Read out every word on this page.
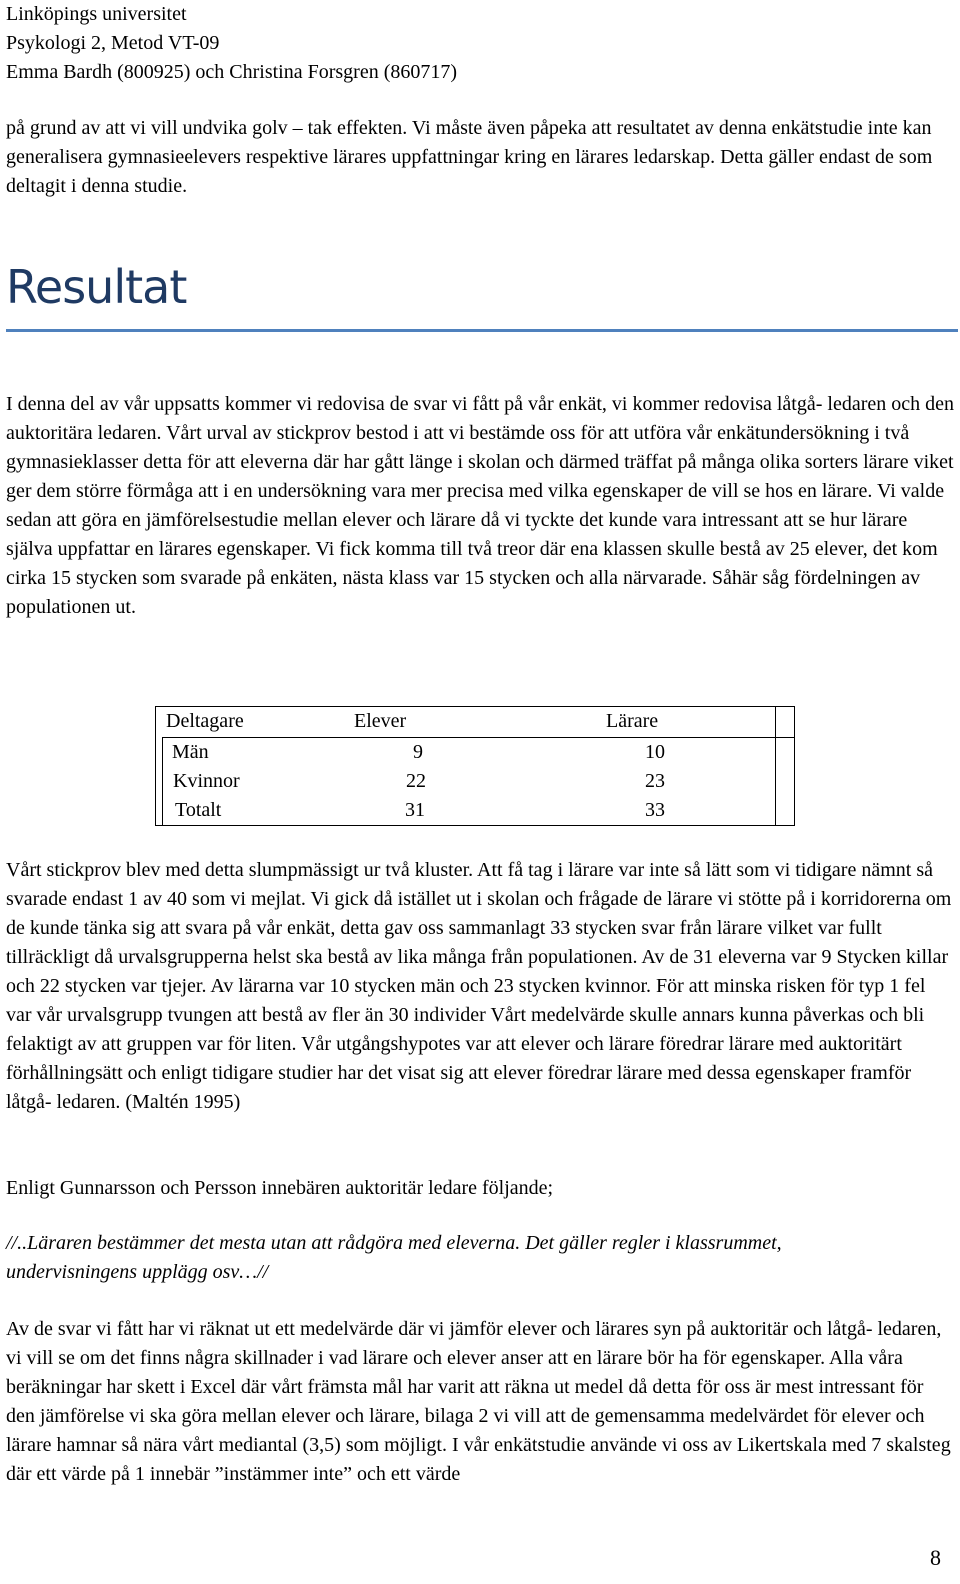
Linköpings universitet
Psykologi 2, Metod VT-09
Emma Bardh (800925) och Christina Forsgren (860717)

på grund av att vi vill undvika golv – tak effekten. Vi måste även påpeka att resultatet av denna enkätstudie inte kan generalisera gymnasieelevers respektive lärares uppfattningar kring en lärares ledarskap. Detta gäller endast de som deltagit i denna studie.

Resultat

I denna del av vår uppsatts kommer vi redovisa de svar vi fått på vår enkät, vi kommer redovisa låtgå- ledaren och den auktoritära ledaren. Vårt urval av stickprov bestod i att vi bestämde oss för att utföra vår enkätundersökning i två gymnasieklasser detta för att eleverna där har gått länge i skolan och därmed träffat på många olika sorters lärare viket ger dem större förmåga att i en undersökning vara mer precisa med vilka egenskaper de vill se hos en lärare. Vi valde sedan att göra en jämförelsestudie mellan elever och lärare då vi tyckte det kunde vara intressant att se hur lärare själva uppfattar en lärares egenskaper. Vi fick komma till två treor där ena klassen skulle bestå av 25 elever, det kom cirka 15 stycken som svarade på enkäten, nästa klass var 15 stycken och alla närvarade. Såhär såg fördelningen av populationen ut.

Deltagare	Elever	Lärare
Män	9	10
Kvinnor	22	23
Totalt	31	33

Vårt stickprov blev med detta slumpmässigt ur två kluster. Att få tag i lärare var inte så lätt som vi tidigare nämnt så svarade endast 1 av 40 som vi mejlat. Vi gick då istället ut i skolan och frågade de lärare vi stötte på i korridorerna om de kunde tänka sig att svara på vår enkät, detta gav oss sammanlagt 33 stycken svar från lärare vilket var fullt tillräckligt då urvalsgrupperna helst ska bestå av lika många från populationen. Av de 31 eleverna var 9 Stycken killar och 22 stycken var tjejer. Av lärarna var 10 stycken män och 23 stycken kvinnor. För att minska risken för typ 1 fel var vår urvalsgrupp tvungen att bestå av fler än 30 individer Vårt medelvärde skulle annars kunna påverkas och bli felaktigt av att gruppen var för liten. Vår utgångshypotes var att elever och lärare föredrar lärare med auktoritärt förhållningsätt och enligt tidigare studier har det visat sig att elever föredrar lärare med dessa egenskaper framför låtgå- ledaren. (Maltén 1995)

Enligt Gunnarsson och Persson innebären auktoritär ledare följande;

//..Läraren bestämmer det mesta utan att rådgöra med eleverna. Det gäller regler i klassrummet, undervisningens upplägg osv…//

Av de svar vi fått har vi räknat ut ett medelvärde där vi jämför elever och lärares syn på auktoritär och låtgå- ledaren, vi vill se om det finns några skillnader i vad lärare och elever anser att en lärare bör ha för egenskaper. Alla våra beräkningar har skett i Excel där vårt främsta mål har varit att räkna ut medel då detta för oss är mest intressant för den jämförelse vi ska göra mellan elever och lärare, bilaga 2 vi vill att de gemensamma medelvärdet för elever och lärare hamnar så nära vårt mediantal (3,5) som möjligt. I vår enkätstudie använde vi oss av Likertskala med 7 skalsteg där ett värde på 1 innebär ”instämmer inte” och ett värde

8
